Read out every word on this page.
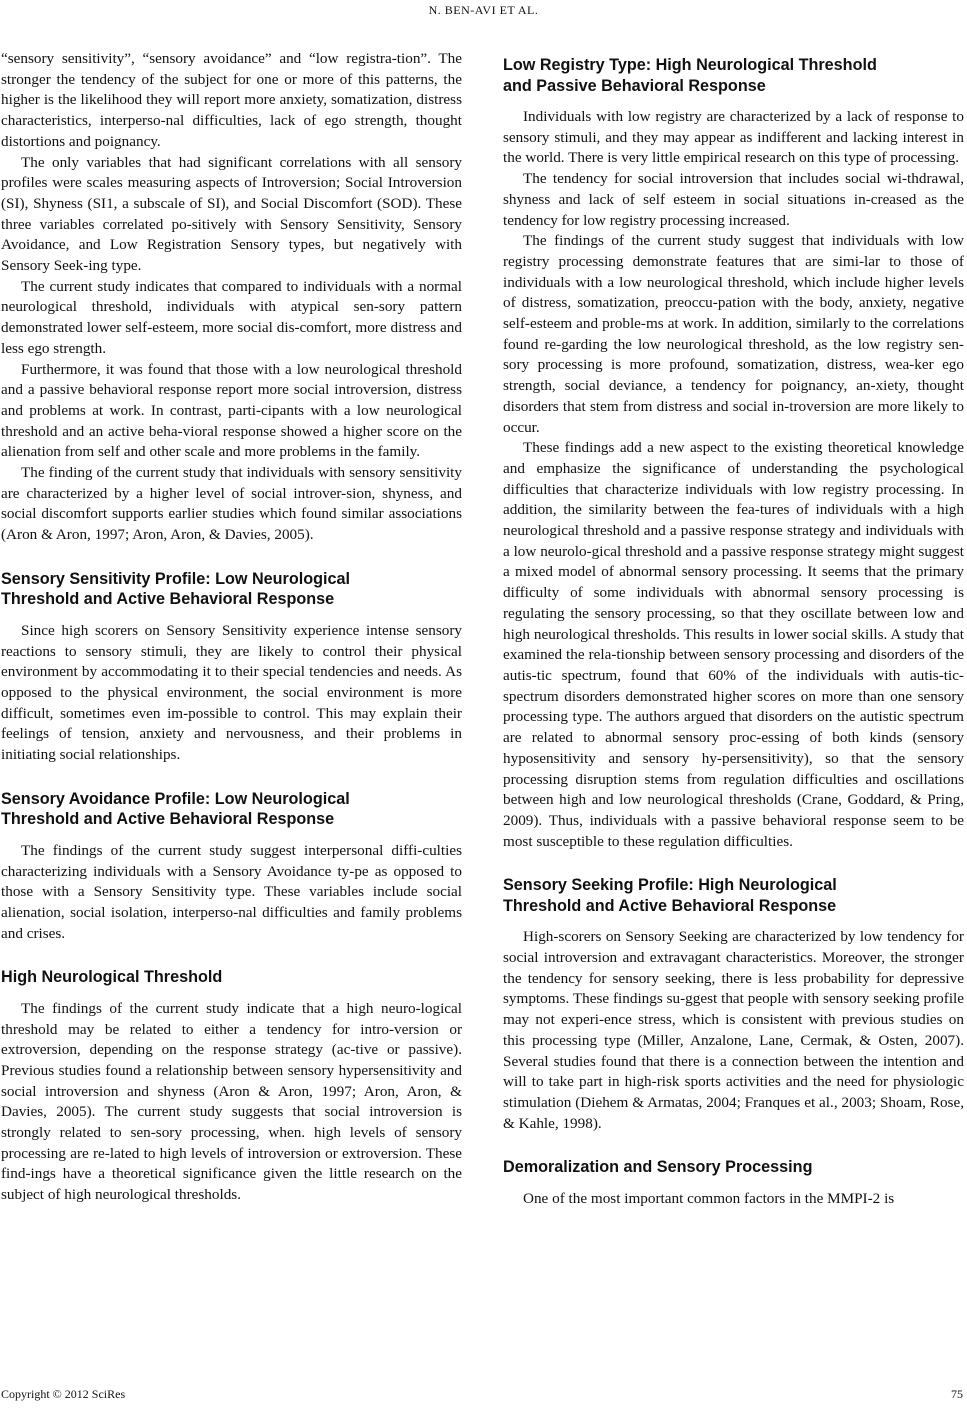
N. BEN-AVI ET AL.

“sensory sensitivity”, “sensory avoidance” and “low registra-tion”. The stronger the tendency of the subject for one or more of this patterns, the higher is the likelihood they will report more anxiety, somatization, distress characteristics, interperso-nal difficulties, lack of ego strength, thought distortions and poignancy.

The only variables that had significant correlations with all sensory profiles were scales measuring aspects of Introversion; Social Introversion (SI), Shyness (SI1, a subscale of SI), and Social Discomfort (SOD). These three variables correlated po-sitively with Sensory Sensitivity, Sensory Avoidance, and Low Registration Sensory types, but negatively with Sensory Seek-ing type.

The current study indicates that compared to individuals with a normal neurological threshold, individuals with atypical sen-sory pattern demonstrated lower self-esteem, more social dis-comfort, more distress and less ego strength.

Furthermore, it was found that those with a low neurological threshold and a passive behavioral response report more social introversion, distress and problems at work. In contrast, parti-cipants with a low neurological threshold and an active beha-vioral response showed a higher score on the alienation from self and other scale and more problems in the family.

The finding of the current study that individuals with sensory sensitivity are characterized by a higher level of social introver-sion, shyness, and social discomfort supports earlier studies which found similar associations (Aron & Aron, 1997; Aron, Aron, & Davies, 2005).

Sensory Sensitivity Profile: Low Neurological
Threshold and Active Behavioral Response

Since high scorers on Sensory Sensitivity experience intense sensory reactions to sensory stimuli, they are likely to control their physical environment by accommodating it to their special tendencies and needs. As opposed to the physical environment, the social environment is more difficult, sometimes even im-possible to control. This may explain their feelings of tension, anxiety and nervousness, and their problems in initiating social relationships.

Sensory Avoidance Profile: Low Neurological
Threshold and Active Behavioral Response

The findings of the current study suggest interpersonal diffi-culties characterizing individuals with a Sensory Avoidance ty-pe as opposed to those with a Sensory Sensitivity type. These variables include social alienation, social isolation, interperso-nal difficulties and family problems and crises.

High Neurological Threshold

The findings of the current study indicate that a high neuro-logical threshold may be related to either a tendency for intro-version or extroversion, depending on the response strategy (ac-tive or passive). Previous studies found a relationship between sensory hypersensitivity and social introversion and shyness (Aron & Aron, 1997; Aron, Aron, & Davies, 2005). The current study suggests that social introversion is strongly related to sen-sory processing, when. high levels of sensory processing are re-lated to high levels of introversion or extroversion. These find-ings have a theoretical significance given the little research on the subject of high neurological thresholds.

Low Registry Type: High Neurological Threshold
and Passive Behavioral Response

Individuals with low registry are characterized by a lack of response to sensory stimuli, and they may appear as indifferent and lacking interest in the world. There is very little empirical research on this type of processing.

The tendency for social introversion that includes social wi-thdrawal, shyness and lack of self esteem in social situations in-creased as the tendency for low registry processing increased.

The findings of the current study suggest that individuals with low registry processing demonstrate features that are simi-lar to those of individuals with a low neurological threshold, which include higher levels of distress, somatization, preoccu-pation with the body, anxiety, negative self-esteem and proble-ms at work. In addition, similarly to the correlations found re-garding the low neurological threshold, as the low registry sen-sory processing is more profound, somatization, distress, wea-ker ego strength, social deviance, a tendency for poignancy, an-xiety, thought disorders that stem from distress and social in-troversion are more likely to occur.

These findings add a new aspect to the existing theoretical knowledge and emphasize the significance of understanding the psychological difficulties that characterize individuals with low registry processing. In addition, the similarity between the fea-tures of individuals with a high neurological threshold and a passive response strategy and individuals with a low neurolo-gical threshold and a passive response strategy might suggest a mixed model of abnormal sensory processing. It seems that the primary difficulty of some individuals with abnormal sensory processing is regulating the sensory processing, so that they oscillate between low and high neurological thresholds. This results in lower social skills. A study that examined the rela-tionship between sensory processing and disorders of the autis-tic spectrum, found that 60% of the individuals with autis-tic-spectrum disorders demonstrated higher scores on more than one sensory processing type. The authors argued that disorders on the autistic spectrum are related to abnormal sensory proc-essing of both kinds (sensory hyposensitivity and sensory hy-persensitivity), so that the sensory processing disruption stems from regulation difficulties and oscillations between high and low neurological thresholds (Crane, Goddard, & Pring, 2009). Thus, individuals with a passive behavioral response seem to be most susceptible to these regulation difficulties.

Sensory Seeking Profile: High Neurological
Threshold and Active Behavioral Response

High-scorers on Sensory Seeking are characterized by low tendency for social introversion and extravagant characteristics. Moreover, the stronger the tendency for sensory seeking, there is less probability for depressive symptoms. These findings su-ggest that people with sensory seeking profile may not experi-ence stress, which is consistent with previous studies on this processing type (Miller, Anzalone, Lane, Cermak, & Osten, 2007). Several studies found that there is a connection between the intention and will to take part in high-risk sports activities and the need for physiologic stimulation (Diehem & Armatas, 2004; Franques et al., 2003; Shoam, Rose, & Kahle, 1998).

Demoralization and Sensory Processing

One of the most important common factors in the MMPI-2 is

Copyright © 2012 SciRes	75
